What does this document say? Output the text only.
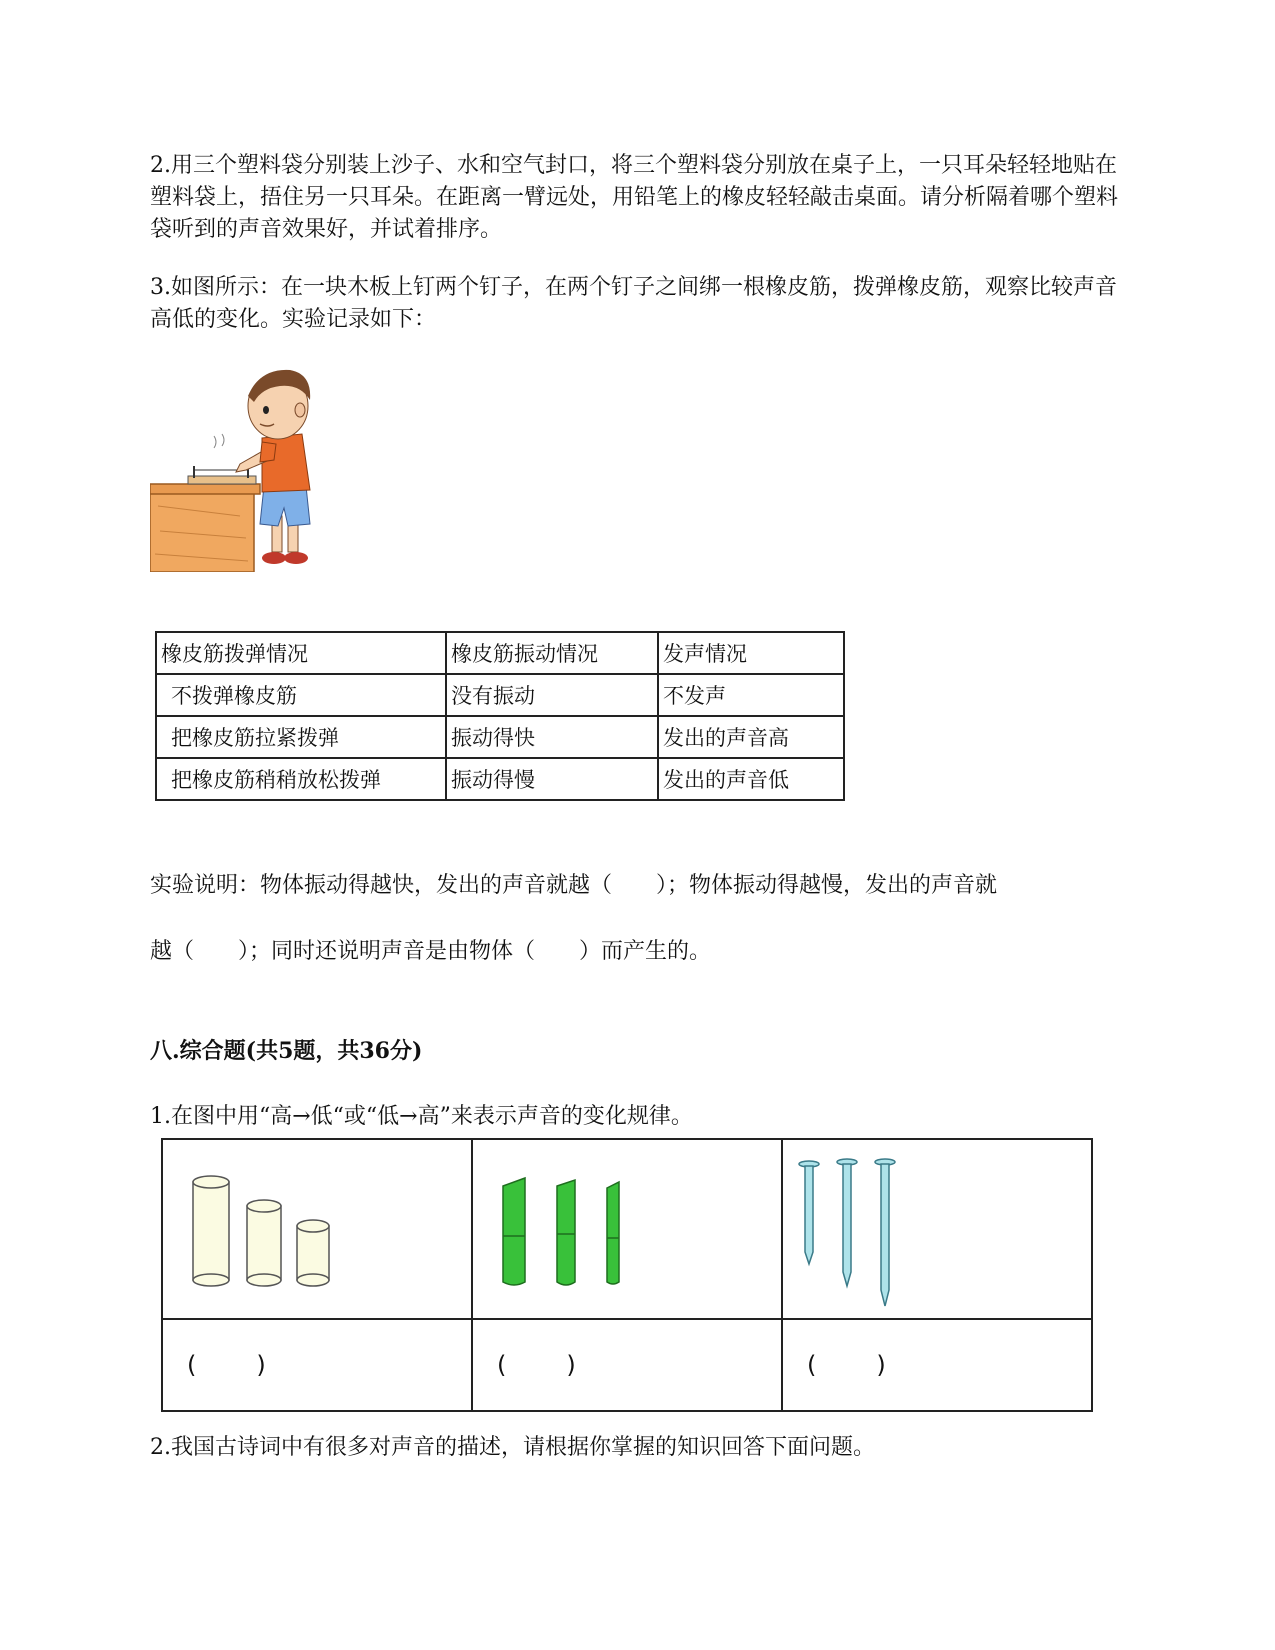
2.用三个塑料袋分别装上沙子、水和空气封口，将三个塑料袋分别放在桌子上，一只耳朵轻轻地贴在塑料袋上，捂住另一只耳朵。在距离一臂远处，用铅笔上的橡皮轻轻敲击桌面。请分析隔着哪个塑料袋听到的声音效果好，并试着排序。

3.如图所示：在一块木板上钉两个钉子，在两个钉子之间绑一根橡皮筋，拨弹橡皮筋，观察比较声音高低的变化。实验记录如下：

橡皮筋拨弹情况	橡皮筋振动情况	发声情况
不拨弹橡皮筋	没有振动	不发声
把橡皮筋拉紧拨弹	振动得快	发出的声音高
把橡皮筋稍稍放松拨弹	振动得慢	发出的声音低

实验说明：物体振动得越快，发出的声音就越（　　）；物体振动得越慢，发出的声音就

越（　　）；同时还说明声音是由物体（　　）而产生的。

八.综合题(共5题，共36分)

1.在图中用“高→低“或“低→高”来表示声音的变化规律。

( )	( )	( )

2.我国古诗词中有很多对声音的描述，请根据你掌握的知识回答下面问题。
